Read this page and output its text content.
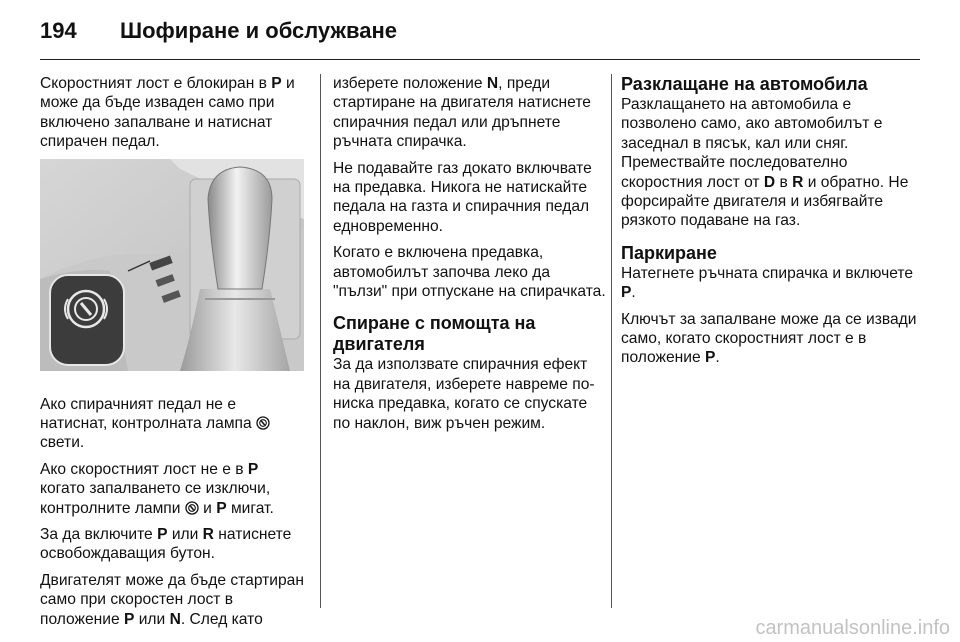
194 Шофиране и обслужване

Скоростният лост е блокиран в P и може да бъде изваден само при включено запалване и натиснат спирачен педал.

Ако спирачният педал не е натиснат, контролната лампа  свети.

Ако скоростният лост не е в P когато запалването се изключи, контролните лампи  и P мигат.

За да включите P или R натиснете освобождаващия бутон.

Двигателят може да бъде стартиран само при скоростен лост в положение P или N. След като

изберете положение N, преди стартиране на двигателя натиснете спирачния педал или дръпнете ръчната спирачка.

Не подавайте газ докато включвате на предавка. Никога не натискайте педала на газта и спирачния педал едновременно.

Когато е включена предавка, автомобилът започва леко да "пълзи" при отпускане на спирачката.

Спиране с помощта на двигателя

За да използвате спирачния ефект на двигателя, изберете навреме по-ниска предавка, когато се спускате по наклон, виж ръчен режим.

Разклащане на автомобила

Разклащането на автомобила е позволено само, ако автомобилът е заседнал в пясък, кал или сняг. Премествайте последователно скоростния лост от D в R и обратно. Не форсирайте двигателя и избягвайте рязкото подаване на газ.

Паркиране

Натегнете ръчната спирачка и включете P.

Ключът за запалване може да се извади само, когато скоростният лост е в положение P.

carmanualsonline.info
